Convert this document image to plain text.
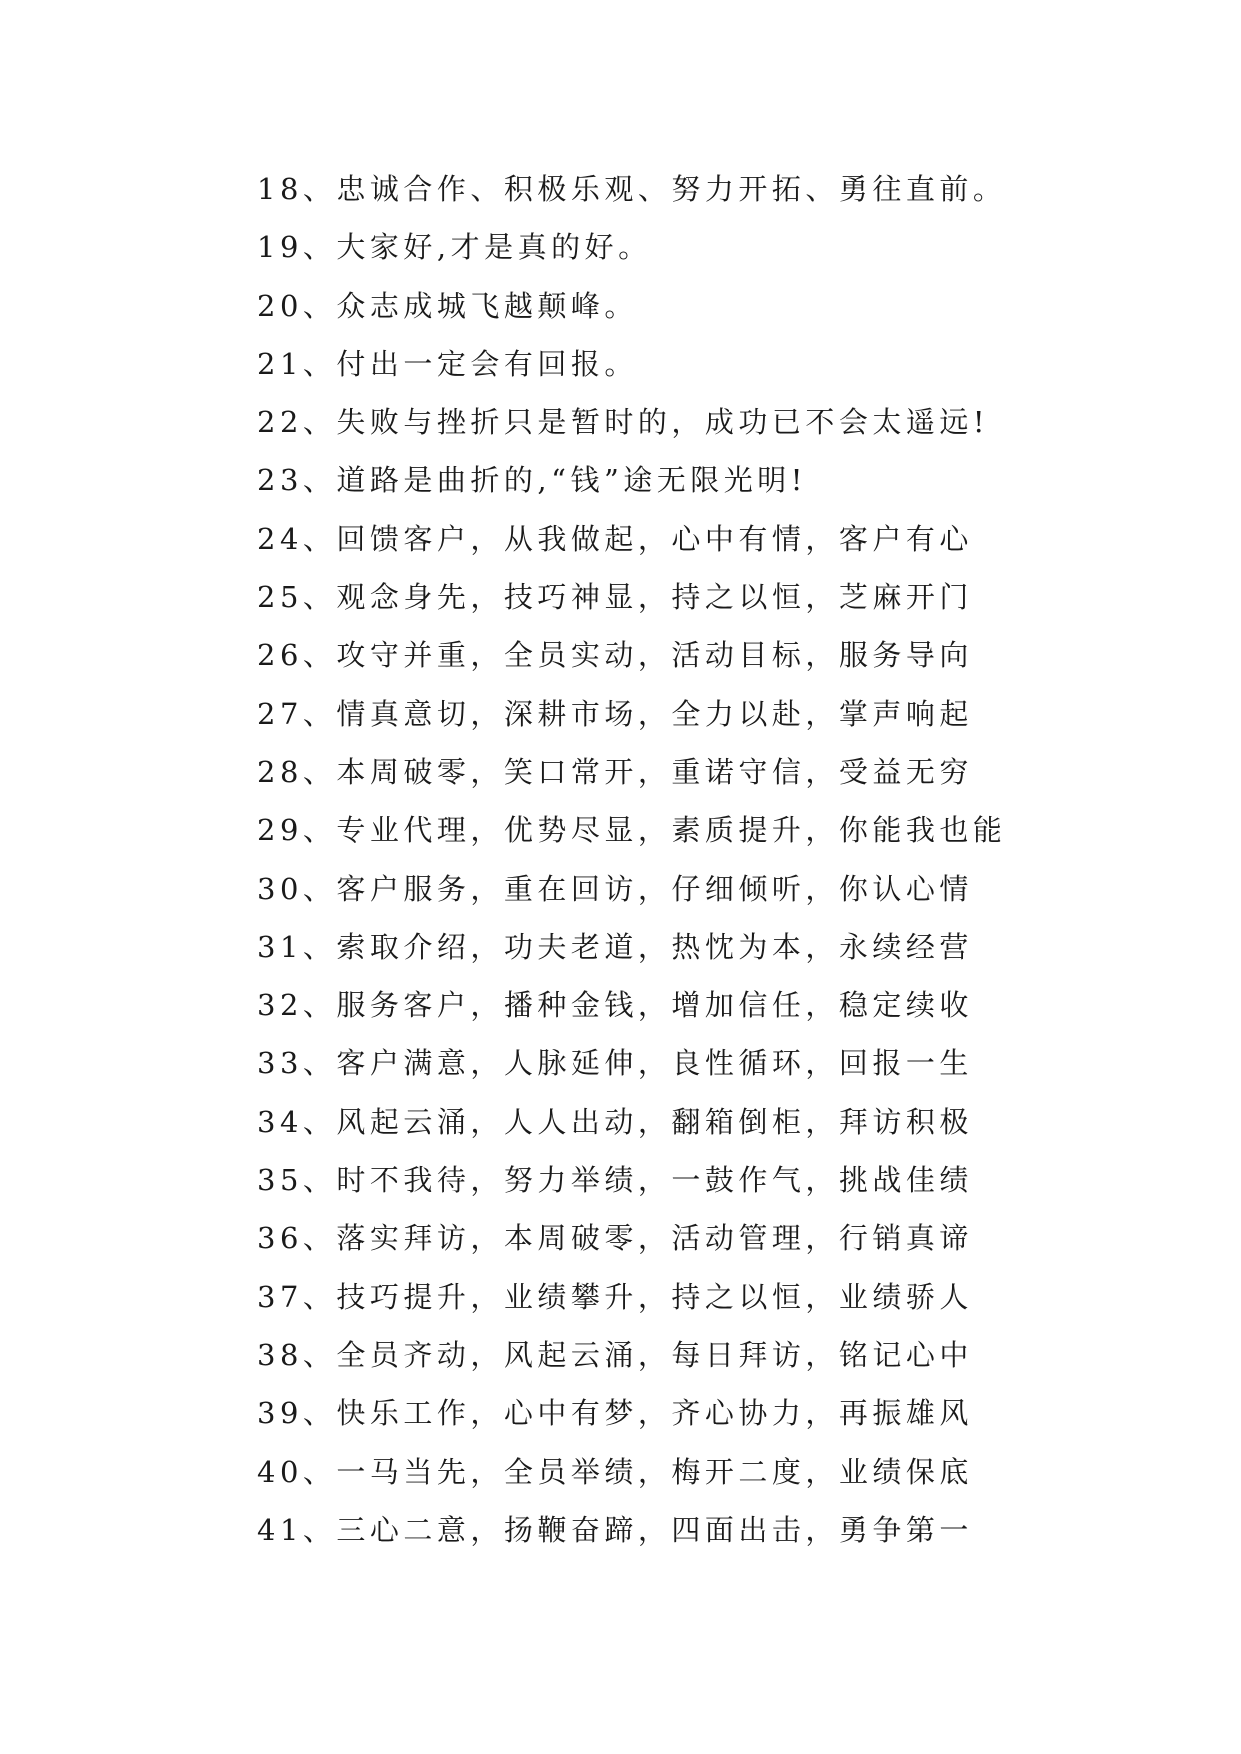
18、忠诚合作、积极乐观、努力开拓、勇往直前。
19、大家好,才是真的好。
20、众志成城飞越颠峰。
21、付出一定会有回报。
22、失败与挫折只是暂时的，成功已不会太遥远!
23、道路是曲折的,“钱”途无限光明!
24、回馈客户，从我做起，心中有情，客户有心
25、观念身先，技巧神显，持之以恒，芝麻开门
26、攻守并重，全员实动，活动目标，服务导向
27、情真意切，深耕市场，全力以赴，掌声响起
28、本周破零，笑口常开，重诺守信，受益无穷
29、专业代理，优势尽显，素质提升，你能我也能
30、客户服务，重在回访，仔细倾听，你认心情
31、索取介绍，功夫老道，热忱为本，永续经营
32、服务客户，播种金钱，增加信任，稳定续收
33、客户满意，人脉延伸，良性循环，回报一生
34、风起云涌，人人出动，翻箱倒柜，拜访积极
35、时不我待，努力举绩，一鼓作气，挑战佳绩
36、落实拜访，本周破零，活动管理，行销真谛
37、技巧提升，业绩攀升，持之以恒，业绩骄人
38、全员齐动，风起云涌，每日拜访，铭记心中
39、快乐工作，心中有梦，齐心协力，再振雄风
40、一马当先，全员举绩，梅开二度，业绩保底
41、三心二意，扬鞭奋蹄，四面出击，勇争第一
